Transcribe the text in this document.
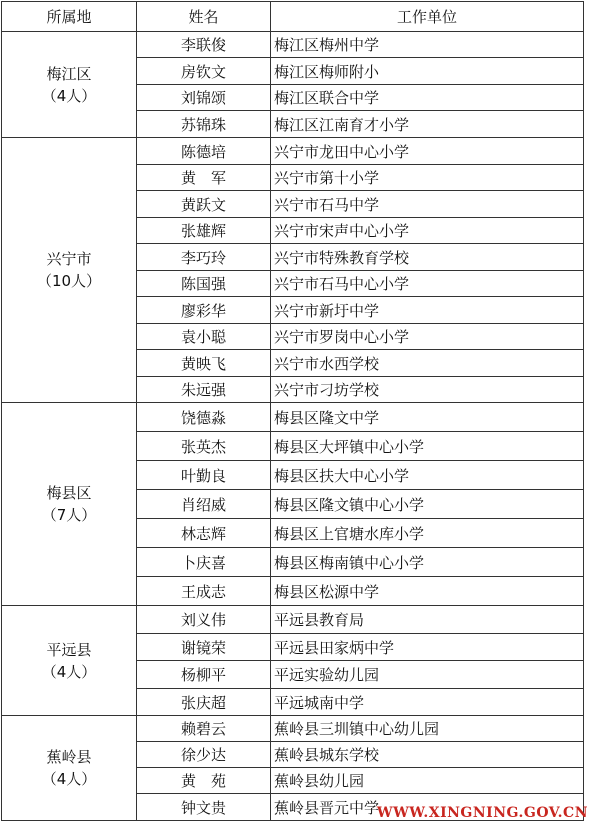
所属地	姓名	工作单位

梅江区
（4人）	李联俊	梅江区梅州中学
	房钦文	梅江区梅师附小
	刘锦颂	梅江区联合中学
	苏锦珠	梅江区江南育才小学

兴宁市
（10人）	陈德培	兴宁市龙田中心小学
	黄　军	兴宁市第十小学
	黄跃文	兴宁市石马中学
	张雄辉	兴宁市宋声中心小学
	李巧玲	兴宁市特殊教育学校
	陈国强	兴宁市石马中心小学
	廖彩华	兴宁市新圩中学
	袁小聪	兴宁市罗岗中心小学
	黄映飞	兴宁市水西学校
	朱远强	兴宁市刁坊学校

梅县区
（7人）	饶德淼	梅县区隆文中学
	张英杰	梅县区大坪镇中心小学
	叶勤良	梅县区扶大中心小学
	肖绍威	梅县区隆文镇中心小学
	林志辉	梅县区上官塘水库小学
	卜庆喜	梅县区梅南镇中心小学
	王成志	梅县区松源中学

平远县
（4人）	刘义伟	平远县教育局
	谢镜荣	平远县田家炳中学
	杨柳平	平远实验幼儿园
	张庆超	平远城南中学

蕉岭县
（4人）	赖碧云	蕉岭县三圳镇中心幼儿园
	徐少达	蕉岭县城东学校
	黄　苑	蕉岭县幼儿园
	钟文贵	蕉岭县晋元中学
WWW.XINGNING.GOV.CN
